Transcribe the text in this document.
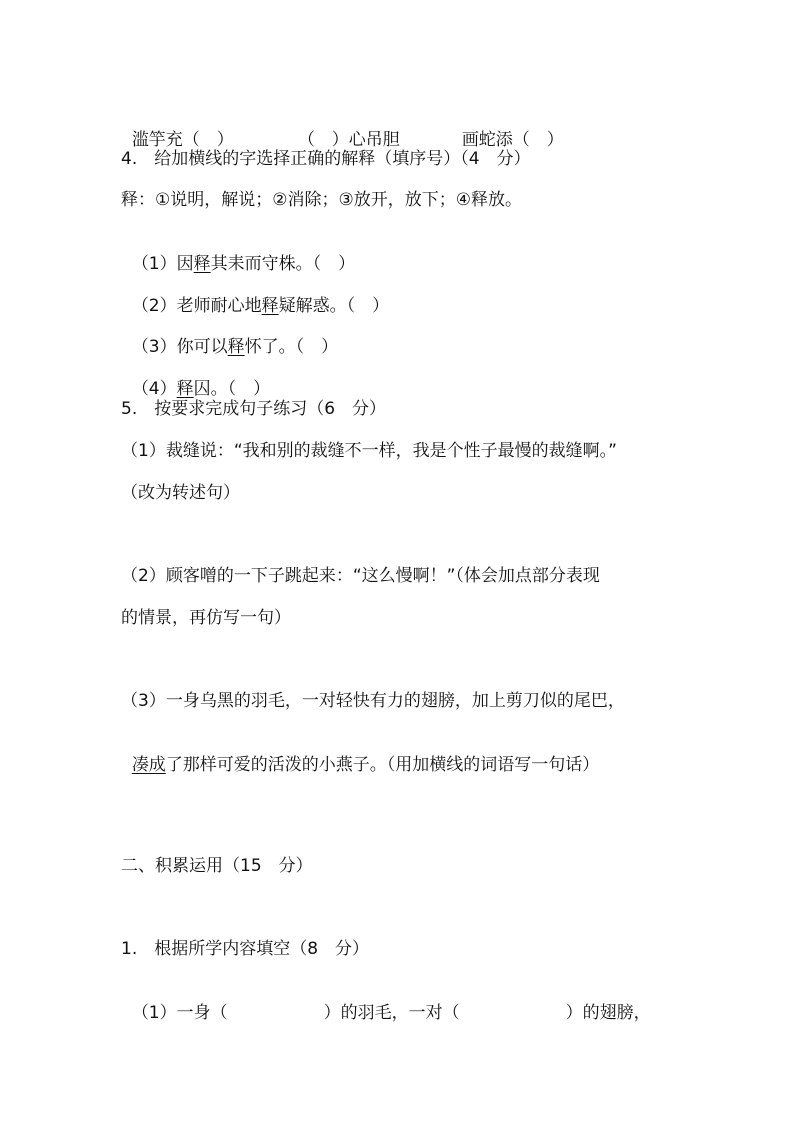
滥竽充（　）	（　）心吊胆	画蛇添（　）

4.　给加横线的字选择正确的解释（填序号）（4　分）
释：①说明，解说；②消除；③放开，放下；④释放。

（1）因释其耒而守株。（　）

（2）老师耐心地释疑解惑。（　）

（3）你可以释怀了。（　）

（4）释囚。（　）

5.　按要求完成句子练习（6　分）
（1）裁缝说：“我和别的裁缝不一样，我是个性子最慢的裁缝啊。”
（改为转述句）
（2）顾客噌的一下子跳起来：“这么慢啊！”（体会加点部分表现
的情景，再仿写一句）
（3）一身乌黑的羽毛，一对轻快有力的翅膀，加上剪刀似的尾巴，

凑成了那样可爱的活泼的小燕子。（用加横线的词语写一句话）

二、积累运用（15　分）
1.　根据所学内容填空（8　分）

（1）一身（	）的羽毛，一对（	）的翅膀，
